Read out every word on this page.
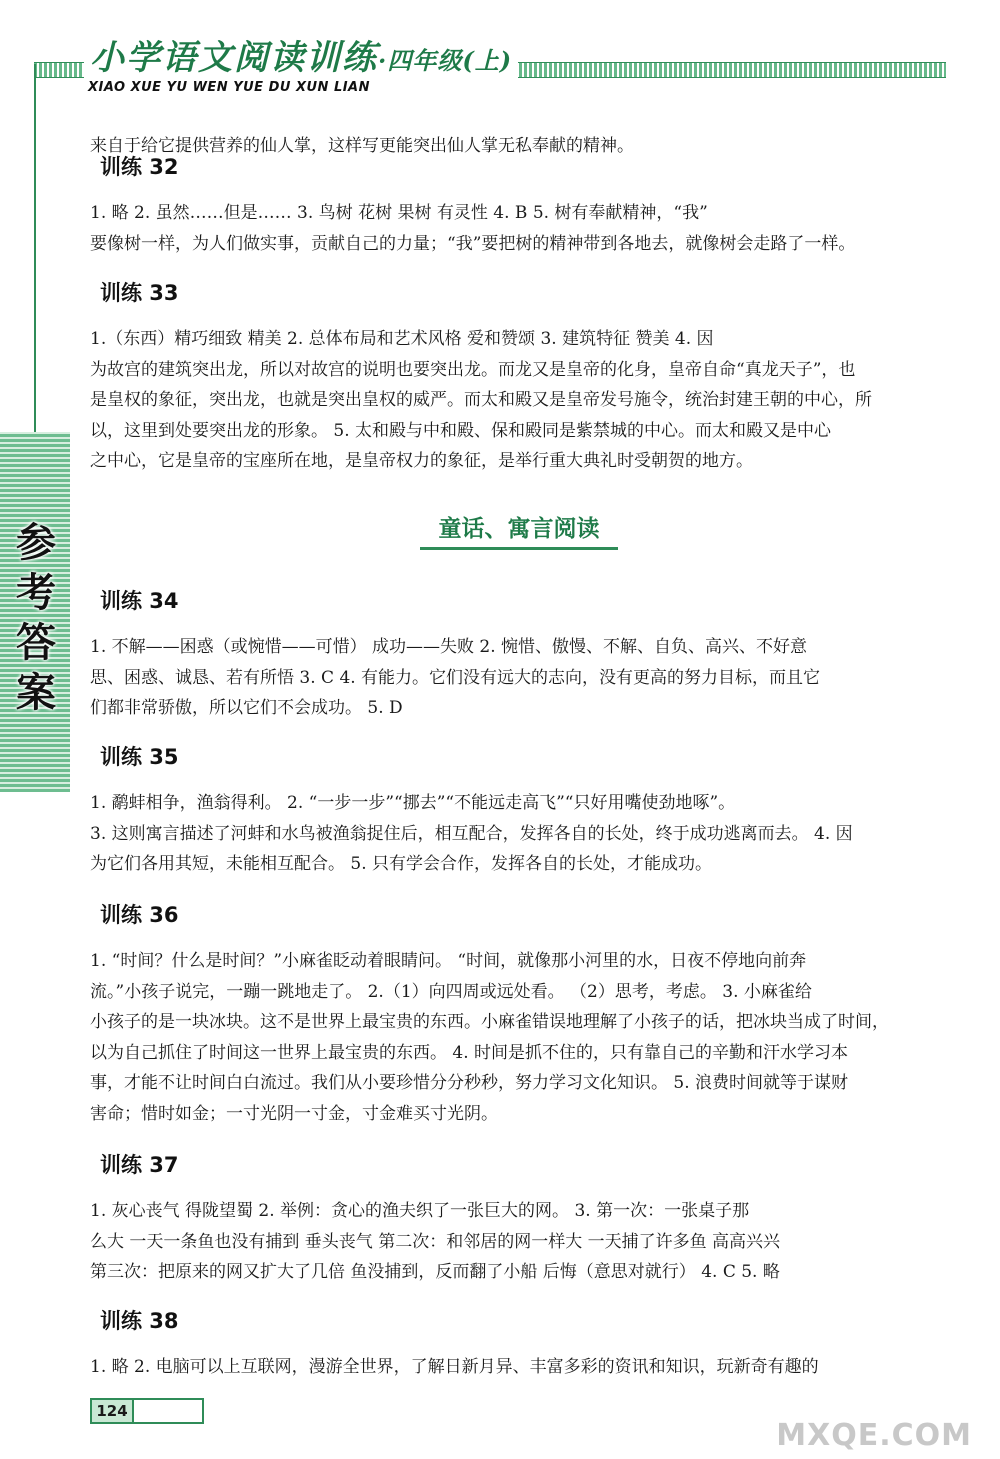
小学语文阅读训练·四年级(上)
XIAO XUE YU WEN YUE DU XUN LIAN
参
考
答
案
来自于给它提供营养的仙人掌，这样写更能突出仙人掌无私奉献的精神。
训练 32
1. 略 2. 虽然……但是…… 3. 鸟树 花树 果树 有灵性 4. B 5. 树有奉献精神，“我”
要像树一样，为人们做实事，贡献自己的力量；“我”要把树的精神带到各地去，就像树会走路了一样。
训练 33
1.（东西）精巧细致 精美 2. 总体布局和艺术风格 爱和赞颂 3. 建筑特征 赞美 4. 因
为故宫的建筑突出龙，所以对故宫的说明也要突出龙。而龙又是皇帝的化身，皇帝自命“真龙天子”，也
是皇权的象征，突出龙，也就是突出皇权的威严。而太和殿又是皇帝发号施令，统治封建王朝的中心，所
以，这里到处要突出龙的形象。 5. 太和殿与中和殿、保和殿同是紫禁城的中心。而太和殿又是中心
之中心，它是皇帝的宝座所在地，是皇帝权力的象征，是举行重大典礼时受朝贺的地方。
童话、寓言阅读
训练 34
1. 不解——困惑（或惋惜——可惜） 成功——失败 2. 惋惜、傲慢、不解、自负、高兴、不好意
思、困惑、诚恳、若有所悟 3. C 4. 有能力。它们没有远大的志向，没有更高的努力目标，而且它
们都非常骄傲，所以它们不会成功。 5. D
训练 35
1. 鹬蚌相争，渔翁得利。 2. “一步一步”“挪去”“不能远走高飞”“只好用嘴使劲地啄”。
3. 这则寓言描述了河蚌和水鸟被渔翁捉住后，相互配合，发挥各自的长处，终于成功逃离而去。 4. 因
为它们各用其短，未能相互配合。 5. 只有学会合作，发挥各自的长处，才能成功。
训练 36
1. “时间？什么是时间？”小麻雀眨动着眼睛问。 “时间，就像那小河里的水，日夜不停地向前奔
流。”小孩子说完，一蹦一跳地走了。 2.（1）向四周或远处看。 （2）思考，考虑。 3. 小麻雀给
小孩子的是一块冰块。这不是世界上最宝贵的东西。小麻雀错误地理解了小孩子的话，把冰块当成了时间，
以为自己抓住了时间这一世界上最宝贵的东西。 4. 时间是抓不住的，只有靠自己的辛勤和汗水学习本
事，才能不让时间白白流过。我们从小要珍惜分分秒秒，努力学习文化知识。 5. 浪费时间就等于谋财
害命；惜时如金；一寸光阴一寸金，寸金难买寸光阴。
训练 37
1. 灰心丧气 得陇望蜀 2. 举例：贪心的渔夫织了一张巨大的网。 3. 第一次：一张桌子那
么大 一天一条鱼也没有捕到 垂头丧气 第二次：和邻居的网一样大 一天捕了许多鱼 高高兴兴
第三次：把原来的网又扩大了几倍 鱼没捕到，反而翻了小船 后悔（意思对就行） 4. C 5. 略
训练 38
1. 略 2. 电脑可以上互联网，漫游全世界，了解日新月异、丰富多彩的资讯和知识，玩新奇有趣的
124
MXQE.COM
